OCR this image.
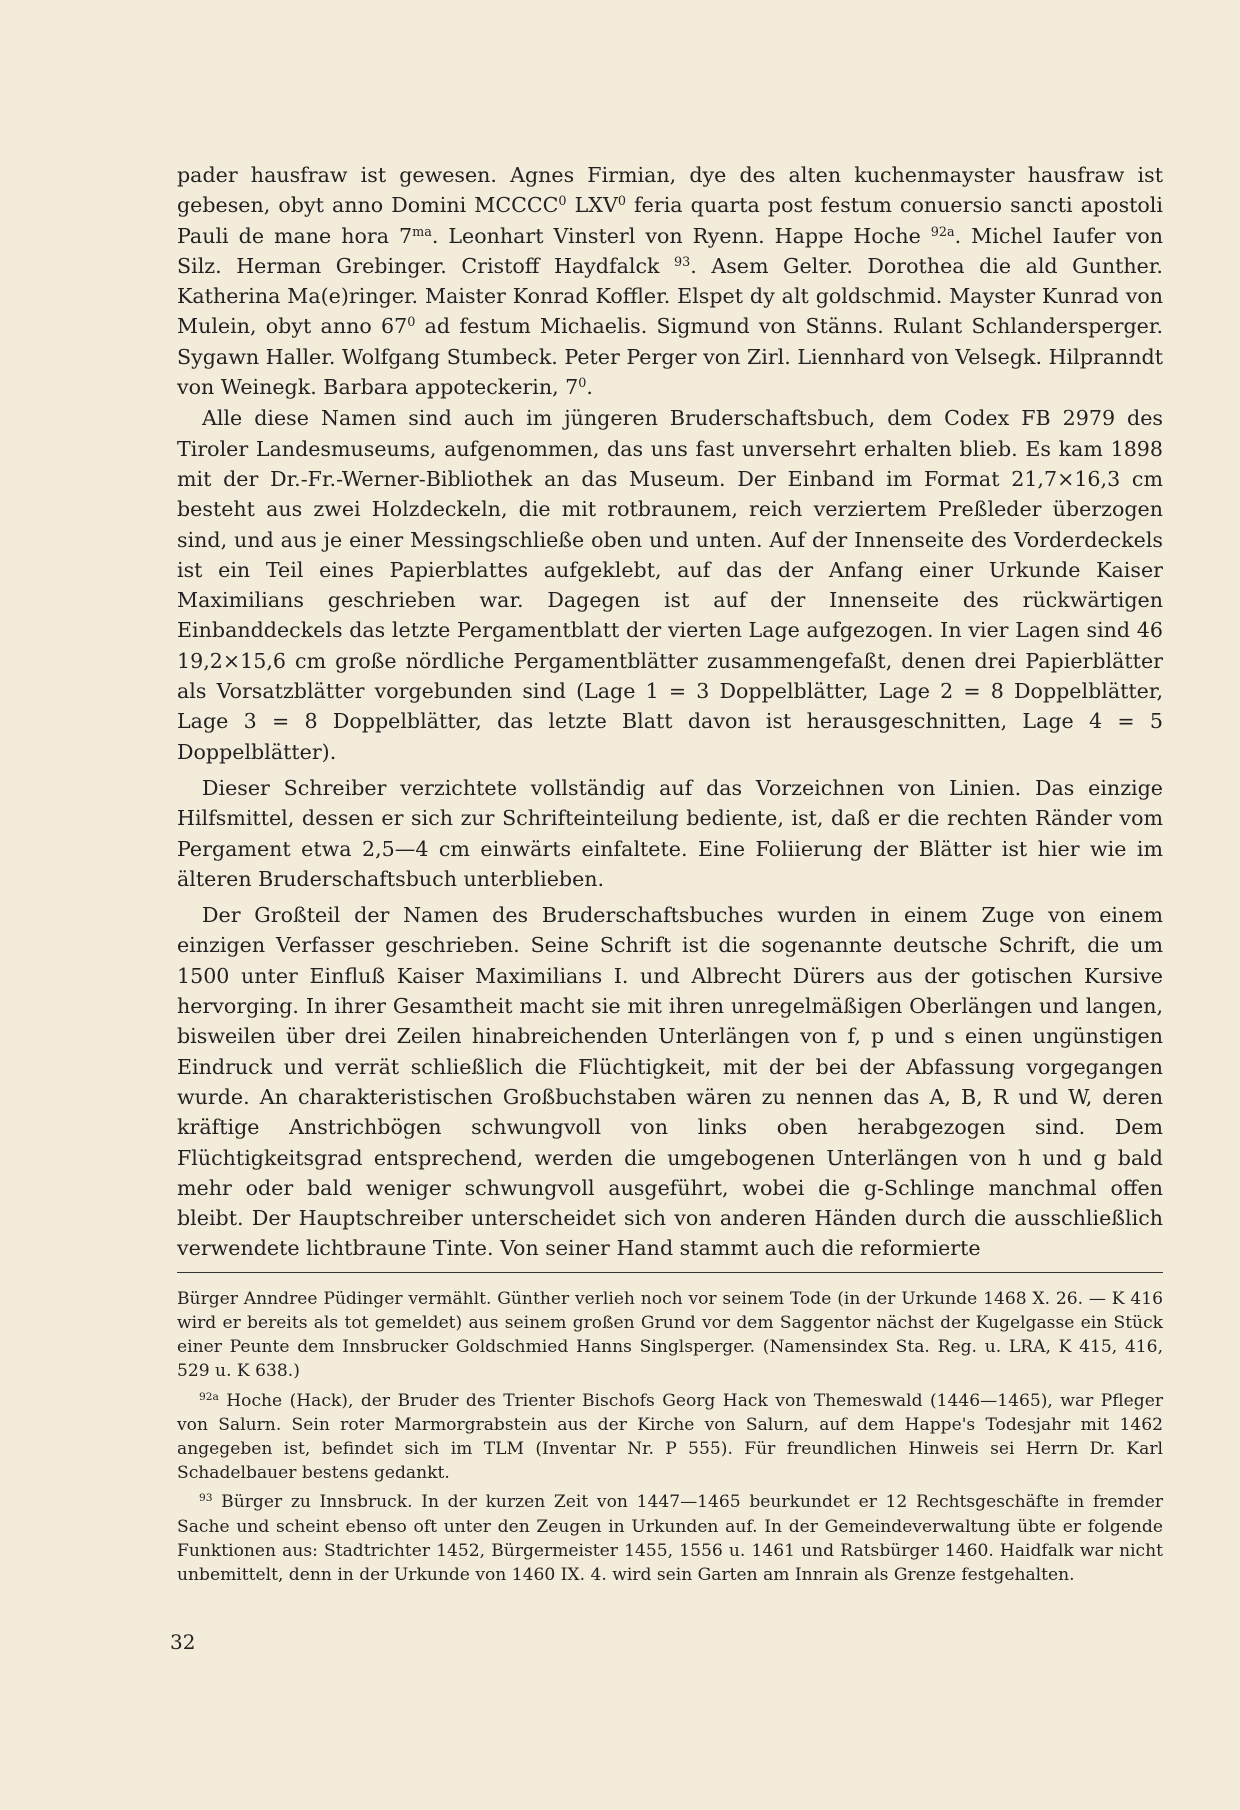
pader hausfraw ist gewesen. Agnes Firmian, dye des alten kuchenmayster hausfraw ist gebesen, obyt anno Domini MCCCC$^0$ LXV$^0$ feria quarta post festum conuersio sancti apostoli Pauli de mane hora $7^{ma}$. Leonhart Vinsterl von Ryenn. Happe Hoche $^{92a}$. Michel Iaufer von Silz. Herman Grebinger. Cristoff Haydfalck $^{93}$. Asem Gelter. Dorothea die ald Gunther. Katherina Ma(e)ringer. Maister Konrad Koffler. Elspet dy alt goldschmid. Mayster Kunrad von Mulein, obyt anno $67^0$ ad festum Michaelis. Sigmund von Stänns. Rulant Schlandersperger. Sygawn Haller. Wolfgang Stumbeck. Peter Perger von Zirl. Liennhard von Velsegk. Hilpranndt von Weinegk. Barbara appoteckerin, $7^0$.

Alle diese Namen sind auch im jüngeren Bruderschaftsbuch, dem Codex FB 2979 des Tiroler Landesmuseums, aufgenommen, das uns fast unversehrt erhalten blieb. Es kam 1898 mit der Dr.-Fr.-Werner-Bibliothek an das Museum. Der Einband im Format 21,7×16,3 cm besteht aus zwei Holzdeckeln, die mit rotbraunem, reich verziertem Preßleder überzogen sind, und aus je einer Messingschließe oben und unten. Auf der Innenseite des Vorderdeckels ist ein Teil eines Papierblattes aufgeklebt, auf das der Anfang einer Urkunde Kaiser Maximilians geschrieben war. Dagegen ist auf der Innenseite des rückwärtigen Einbanddeckels das letzte Pergamentblatt der vierten Lage aufgezogen. In vier Lagen sind 46 19,2×15,6 cm große nördliche Pergamentblätter zusammengefaßt, denen drei Papierblätter als Vorsatzblätter vorgebunden sind (Lage 1 = 3 Doppelblätter, Lage 2 = 8 Doppelblätter, Lage 3 = 8 Doppelblätter, das letzte Blatt davon ist herausgeschnitten, Lage 4 = 5 Doppelblätter).

Dieser Schreiber verzichtete vollständig auf das Vorzeichnen von Linien. Das einzige Hilfsmittel, dessen er sich zur Schrifteinteilung bediente, ist, daß er die rechten Ränder vom Pergament etwa 2,5—4 cm einwärts einfaltete. Eine Foliierung der Blätter ist hier wie im älteren Bruderschaftsbuch unterblieben.

Der Großteil der Namen des Bruderschaftsbuches wurden in einem Zuge von einem einzigen Verfasser geschrieben. Seine Schrift ist die sogenannte deutsche Schrift, die um 1500 unter Einfluß Kaiser Maximilians I. und Albrecht Dürers aus der gotischen Kursive hervorging. In ihrer Gesamtheit macht sie mit ihren unregelmäßigen Oberlängen und langen, bisweilen über drei Zeilen hinabreichenden Unterlängen von f, p und s einen ungünstigen Eindruck und verrät schließlich die Flüchtigkeit, mit der bei der Abfassung vorgegangen wurde. An charakteristischen Großbuchstaben wären zu nennen das A, B, R und W, deren kräftige Anstrichbögen schwungvoll von links oben herabgezogen sind. Dem Flüchtigkeitsgrad entsprechend, werden die umgebogenen Unterlängen von h und g bald mehr oder bald weniger schwungvoll ausgeführt, wobei die g-Schlinge manchmal offen bleibt. Der Hauptschreiber unterscheidet sich von anderen Händen durch die ausschließlich verwendete lichtbraune Tinte. Von seiner Hand stammt auch die reformierte

Bürger Anndree Püdinger vermählt. Günther verlieh noch vor seinem Tode (in der Urkunde 1468 X. 26. — K 416 wird er bereits als tot gemeldet) aus seinem großen Grund vor dem Saggentor nächst der Kugelgasse ein Stück einer Peunte dem Innsbrucker Goldschmied Hanns Singlsperger. (Namensindex Sta. Reg. u. LRA, K 415, 416, 529 u. K 638.)

$^{92a}$ Hoche (Hack), der Bruder des Trienter Bischofs Georg Hack von Themeswald (1446—1465), war Pfleger von Salurn. Sein roter Marmorgrabstein aus der Kirche von Salurn, auf dem Happe's Todesjahr mit 1462 angegeben ist, befindet sich im TLM (Inventar Nr. P 555). Für freundlichen Hinweis sei Herrn Dr. Karl Schadelbauer bestens gedankt.

$^{93}$ Bürger zu Innsbruck. In der kurzen Zeit von 1447—1465 beurkundet er 12 Rechtsgeschäfte in fremder Sache und scheint ebenso oft unter den Zeugen in Urkunden auf. In der Gemeindeverwaltung übte er folgende Funktionen aus: Stadtrichter 1452, Bürgermeister 1455, 1556 u. 1461 und Ratsbürger 1460. Haidfalk war nicht unbemittelt, denn in der Urkunde von 1460 IX. 4. wird sein Garten am Innrain als Grenze festgehalten.

32
